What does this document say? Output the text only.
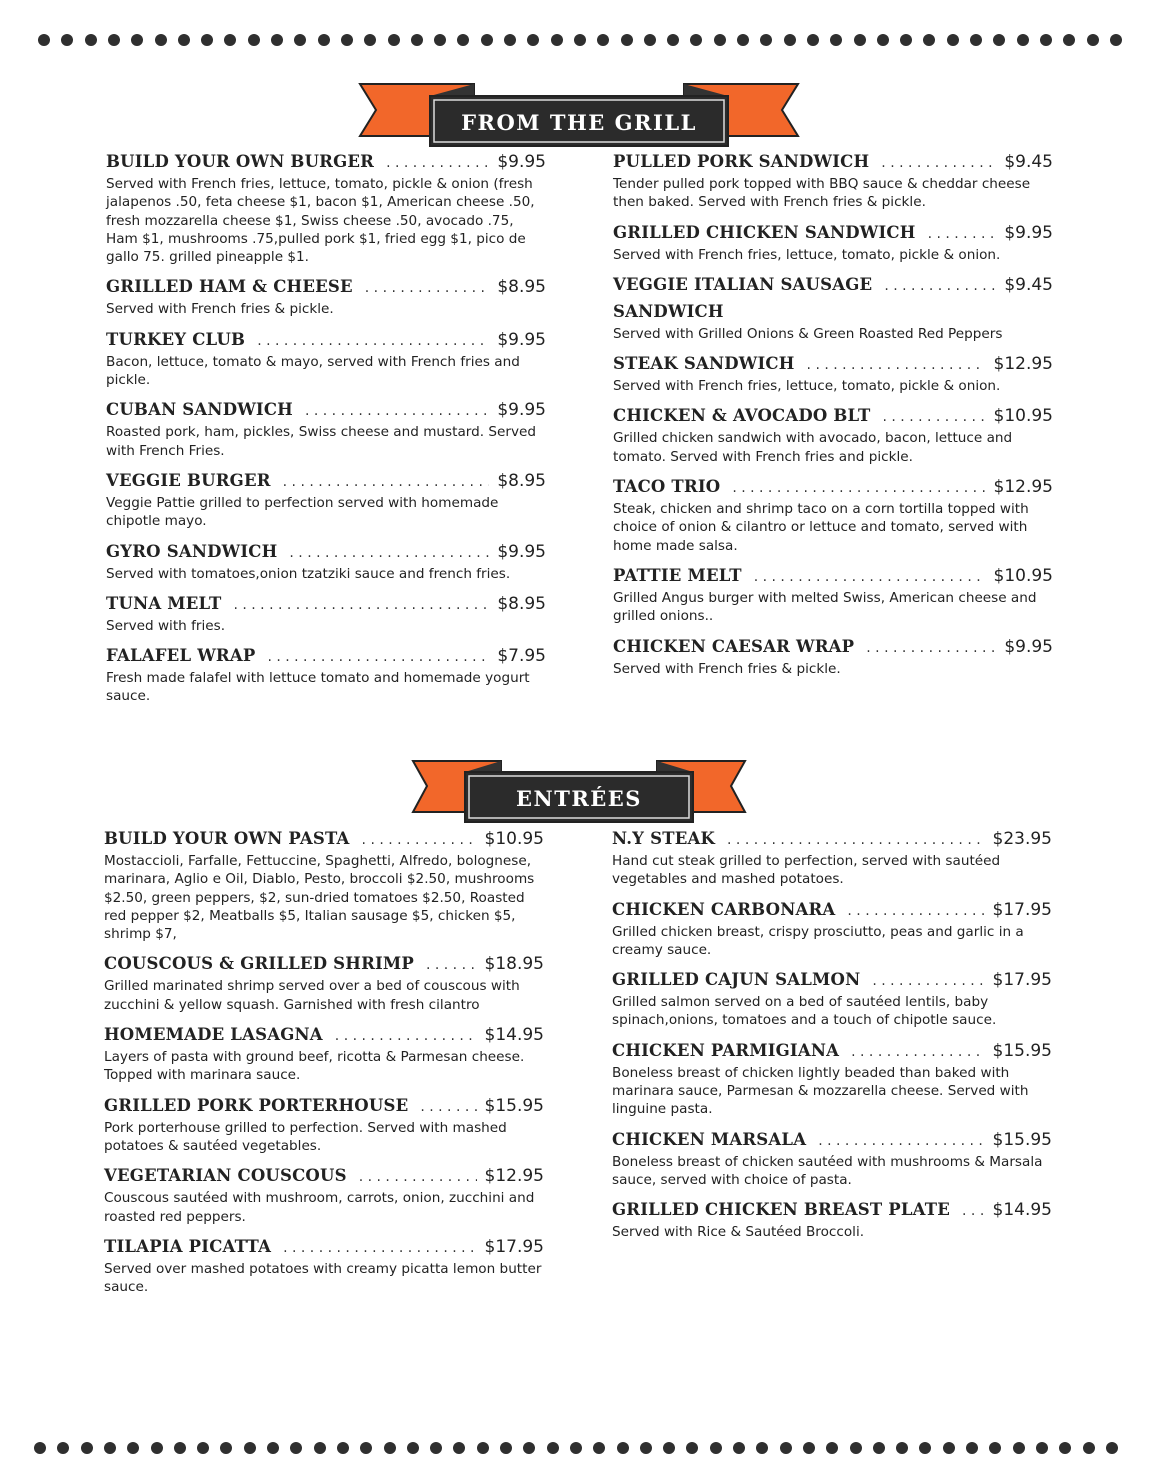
FROM THE GRILL
BUILD YOUR OWN BURGER . . .	$9.95
Served with French fries, lettuce, tomato, pickle & onion (fresh jalapenos .50, feta cheese $1, bacon $1, American cheese .50, fresh mozzarella cheese $1, Swiss cheese .50, avocado .75, Ham $1, mushrooms .75,pulled pork $1, fried egg $1, pico de gallo 75. grilled pineapple $1.
GRILLED HAM & CHEESE . . .	$8.95
Served with French fries & pickle.
TURKEY CLUB . . .	$9.95
Bacon, lettuce, tomato & mayo, served with French fries and pickle.
CUBAN SANDWICH . . .	$9.95
Roasted pork, ham, pickles, Swiss cheese and mustard. Served with French Fries.
VEGGIE BURGER . . .	$8.95
Veggie Pattie grilled to perfection served with homemade chipotle mayo.
GYRO SANDWICH . . .	$9.95
Served with tomatoes,onion tzatziki sauce and french fries.
TUNA MELT . . .	$8.95
Served with fries.
FALAFEL WRAP . . .	$7.95
Fresh made falafel with lettuce tomato and homemade yogurt sauce.
PULLED PORK SANDWICH . . .	$9.45
Tender pulled pork topped with BBQ sauce & cheddar cheese then baked. Served with French fries & pickle.
GRILLED CHICKEN SANDWICH . . .	$9.95
Served with French fries, lettuce, tomato, pickle & onion.
VEGGIE ITALIAN SAUSAGE . . .	$9.45
SANDWICH
Served with Grilled Onions & Green Roasted Red Peppers
STEAK SANDWICH . . .	$12.95
Served with French fries, lettuce, tomato, pickle & onion.
CHICKEN & AVOCADO BLT . . .	$10.95
Grilled chicken sandwich with avocado, bacon, lettuce and tomato. Served with French fries and pickle.
TACO TRIO . . .	$12.95
Steak, chicken and shrimp taco on a corn tortilla topped with choice of onion & cilantro or lettuce and tomato, served with home made salsa.
PATTIE MELT . . .	$10.95
Grilled Angus burger with melted Swiss, American cheese and grilled onions..
CHICKEN CAESAR WRAP . . .	$9.95
Served with French fries & pickle.
ENTRÉES
BUILD YOUR OWN PASTA . . .	$10.95
Mostaccioli, Farfalle, Fettuccine, Spaghetti, Alfredo, bolognese, marinara, Aglio e Oil, Diablo, Pesto, broccoli $2.50, mushrooms $2.50, green peppers, $2, sun-dried tomatoes $2.50, Roasted red pepper $2, Meatballs $5, Italian sausage $5, chicken $5, shrimp $7,
COUSCOUS & GRILLED SHRIMP . . .	$18.95
Grilled marinated shrimp served over a bed of couscous with zucchini & yellow squash. Garnished with fresh cilantro
HOMEMADE LASAGNA . . .	$14.95
Layers of pasta with ground beef, ricotta & Parmesan cheese. Topped with marinara sauce.
GRILLED PORK PORTERHOUSE . . .	$15.95
Pork porterhouse grilled to perfection. Served with mashed potatoes & sautéed vegetables.
VEGETARIAN COUSCOUS . . .	$12.95
Couscous sautéed with mushroom, carrots, onion, zucchini and roasted red peppers.
TILAPIA PICATTA . . .	$17.95
Served over mashed potatoes with creamy picatta lemon butter sauce.
N.Y STEAK . . .	$23.95
Hand cut steak grilled to perfection, served with sautéed vegetables and mashed potatoes.
CHICKEN CARBONARA . . .	$17.95
Grilled chicken breast, crispy prosciutto, peas and garlic in a creamy sauce.
GRILLED CAJUN SALMON . . .	$17.95
Grilled salmon served on a bed of sautéed lentils, baby spinach,onions, tomatoes and a touch of chipotle sauce.
CHICKEN PARMIGIANA . . .	$15.95
Boneless breast of chicken lightly beaded than baked with marinara sauce, Parmesan & mozzarella cheese. Served with linguine pasta.
CHICKEN MARSALA . . .	$15.95
Boneless breast of chicken sautéed with mushrooms & Marsala sauce, served with choice of pasta.
GRILLED CHICKEN BREAST PLATE . . .	$14.95
Served with Rice & Sautéed Broccoli.
